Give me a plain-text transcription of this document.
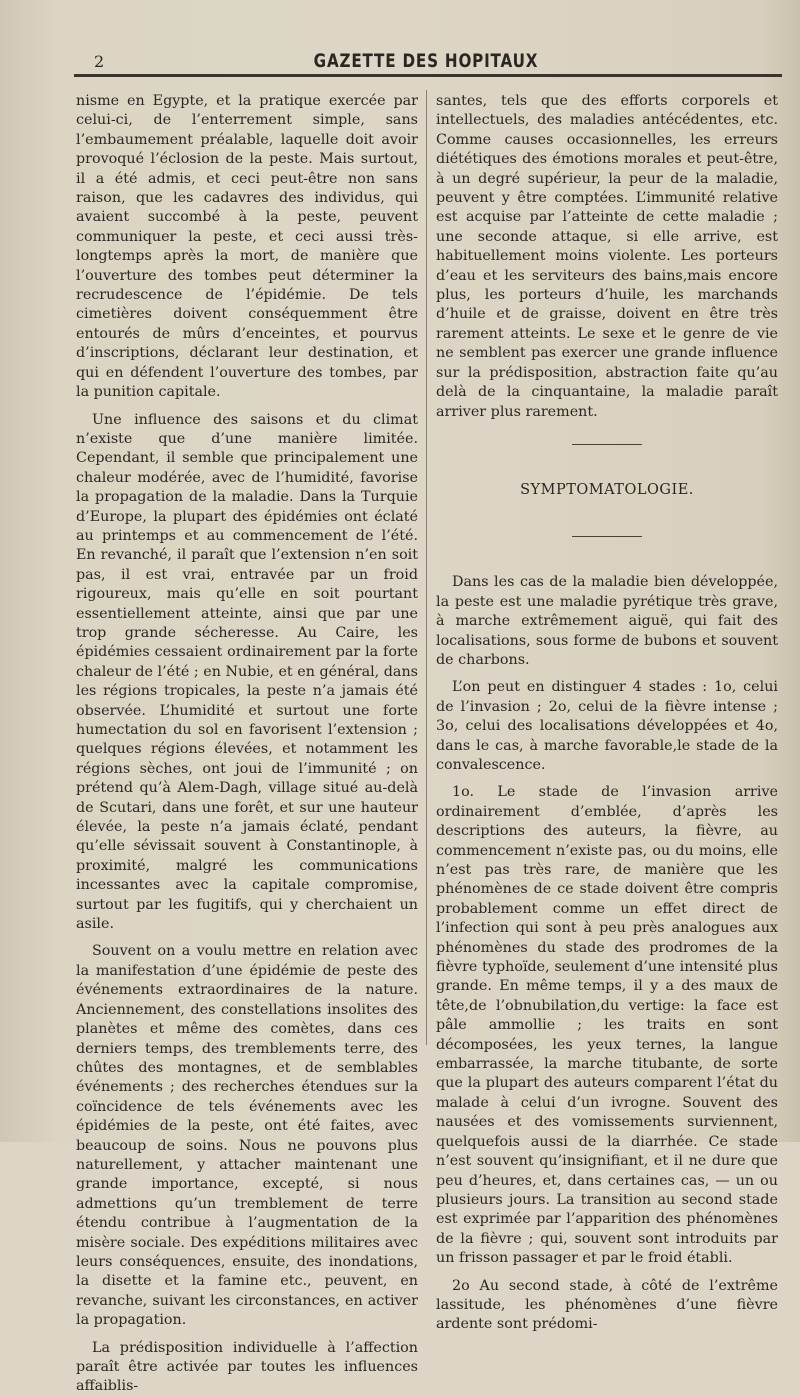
2	GAZETTE DES HOPITAUX

nisme en Egypte, et la pratique exercée par celui-ci, de l’enterrement simple, sans l’embaumement préalable, laquelle doit avoir provoqué l’éclosion de la peste. Mais surtout, il a été admis, et ceci peut-être non sans raison, que les cadavres des individus, qui avaient succombé à la peste, peuvent communiquer la peste, et ceci aussi très-longtemps après la mort, de manière que l’ouverture des tombes peut déterminer la recrudescence de l’épidémie. De tels cimetières doivent conséquemment être entourés de mûrs d’enceintes, et pourvus d’inscriptions, déclarant leur destination, et qui en défendent l’ouverture des tombes, par la punition capitale.

Une influence des saisons et du climat n’existe que d’une manière limitée. Cependant, il semble que principalement une chaleur modérée, avec de l’humidité, favorise la propagation de la maladie. Dans la Turquie d’Europe, la plupart des épidémies ont éclaté au printemps et au commencement de l’été. En revanché, il paraît que l’extension n’en soit pas, il est vrai, entravée par un froid rigoureux, mais qu’elle en soit pourtant essentiellement atteinte, ainsi que par une trop grande sécheresse. Au Caire, les épidémies cessaient ordinairement par la forte chaleur de l’été ; en Nubie, et en général, dans les régions tropicales, la peste n’a jamais été observée. L’humidité et surtout une forte humectation du sol en favorisent l’extension ; quelques régions élevées, et notamment les régions sèches, ont joui de l’immunité ; on prétend qu’à Alem-Dagh, village situé au-delà de Scutari, dans une forêt, et sur une hauteur élevée, la peste n’a jamais éclaté, pendant qu’elle sévissait souvent à Constantinople, à proximité, malgré les communications incessantes avec la capitale compromise, surtout par les fugitifs, qui y cherchaient un asile.

Souvent on a voulu mettre en relation avec la manifestation d’une épidémie de peste des événements extraordinaires de la nature. Anciennement, des constellations insolites des planètes et même des comètes, dans ces derniers temps, des tremblements terre, des chûtes des montagnes, et de semblables événements ; des recherches étendues sur la coïncidence de tels événements avec les épidémies de la peste, ont été faites, avec beaucoup de soins. Nous ne pouvons plus naturellement, y attacher maintenant une grande importance, excepté, si nous admettions qu’un tremblement de terre étendu contribue à l’augmentation de la misère sociale. Des expéditions militaires avec leurs conséquences, ensuite, des inondations, la disette et la famine etc., peuvent, en revanche, suivant les circonstances, en activer la propagation.

La prédisposition individuelle à l’affection paraît être activée par toutes les influences affaiblis-

santes, tels que des efforts corporels et intellectuels, des maladies antécédentes, etc. Comme causes occasionnelles, les erreurs diététiques des émotions morales et peut-être, à un degré supérieur, la peur de la maladie, peuvent y être comptées. L’immunité relative est acquise par l’atteinte de cette maladie ; une seconde attaque, si elle arrive, est habituellement moins violente. Les porteurs d’eau et les serviteurs des bains,mais encore plus, les porteurs d’huile, les marchands d’huile et de graisse, doivent en être très rarement atteints. Le sexe et le genre de vie ne semblent pas exercer une grande influence sur la prédisposition, abstraction faite qu’au delà de la cinquantaine, la maladie paraît arriver plus rarement.

SYMPTOMATOLOGIE.

Dans les cas de la maladie bien développée, la peste est une maladie pyrétique très grave, à marche extrêmement aiguë, qui fait des localisations, sous forme de bubons et souvent de charbons.

L’on peut en distinguer 4 stades : 1o, celui de l’invasion ; 2o, celui de la fièvre intense ; 3o, celui des localisations développées et 4o, dans le cas, à marche favorable,le stade de la convalescence.

1o. Le stade de l’invasion arrive ordinairement d’emblée, d’après les descriptions des auteurs, la fièvre, au commencement n’existe pas, ou du moins, elle n’est pas très rare, de manière que les phénomènes de ce stade doivent être compris probablement comme un effet direct de l’infection qui sont à peu près analogues aux phénomènes du stade des prodromes de la fièvre typhoïde, seulement d’une intensité plus grande. En même temps, il y a des maux de tête,de l’obnubilation,du vertige: la face est pâle ammollie ; les traits en sont décomposées, les yeux ternes, la langue embarrassée, la marche titubante, de sorte que la plupart des auteurs comparent l’état du malade à celui d’un ivrogne. Souvent des nausées et des vomissements surviennent, quelquefois aussi de la diarrhée. Ce stade n’est souvent qu’insignifiant, et il ne dure que peu d’heures, et, dans certaines cas, — un ou plusieurs jours. La transition au second stade est exprimée par l’apparition des phénomènes de la fièvre ; qui, souvent sont introduits par un frisson passager et par le froid établi.

2o Au second stade, à côté de l’extrême lassitude, les phénomènes d’une fièvre ardente sont prédomi-
